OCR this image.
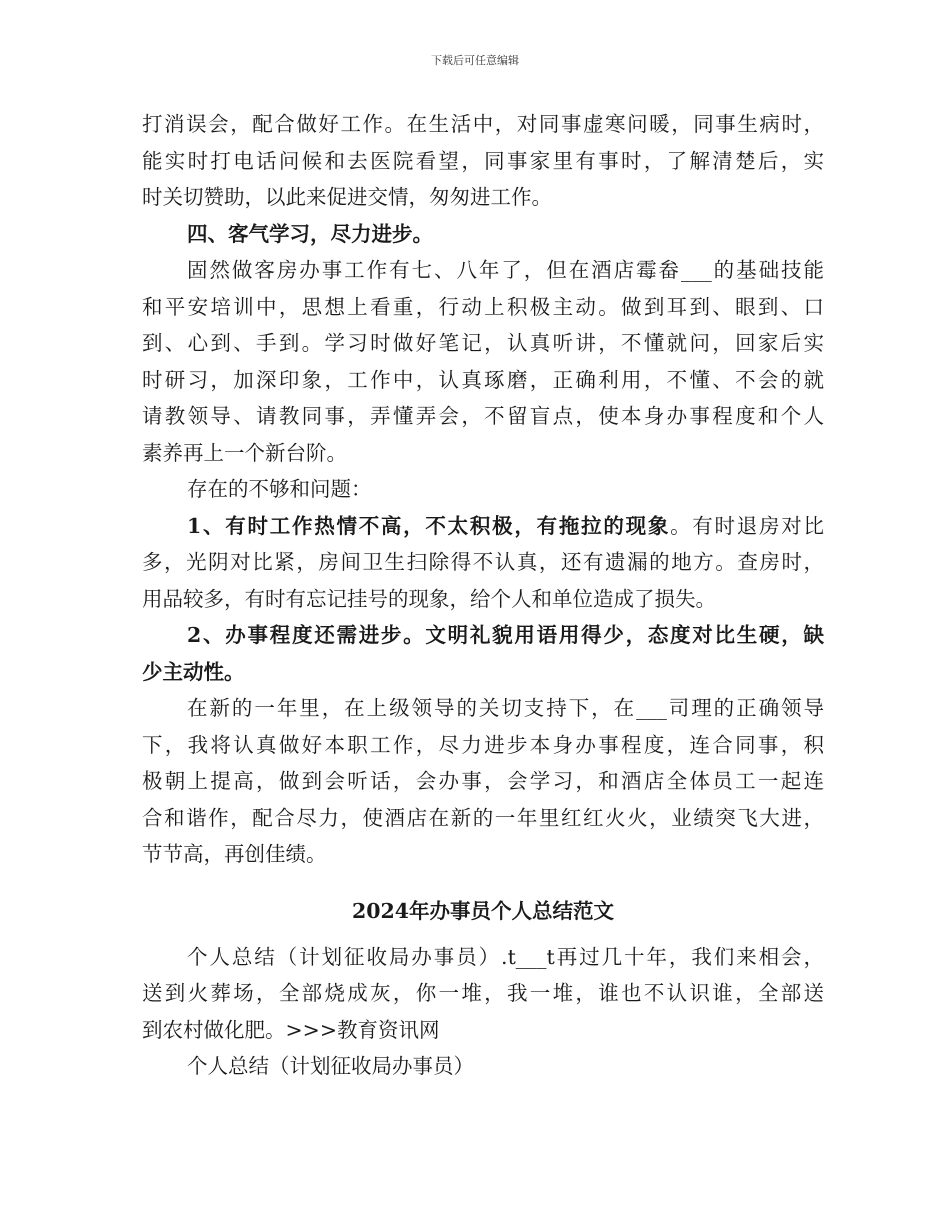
下载后可任意编辑
打消误会，配合做好工作。在生活中，对同事虚寒问暖，同事生病时，
能实时打电话问候和去医院看望，同事家里有事时，了解清楚后，实
时关切赞助，以此来促进交情，匆匆进工作。
四、客气学习，尽力进步。
固然做客房办事工作有七、八年了，但在酒店霉畚___的基础技能
和平安培训中，思想上看重，行动上积极主动。做到耳到、眼到、口
到、心到、手到。学习时做好笔记，认真听讲，不懂就问，回家后实
时研习，加深印象，工作中，认真琢磨，正确利用，不懂、不会的就
请教领导、请教同事，弄懂弄会，不留盲点，使本身办事程度和个人
素养再上一个新台阶。
存在的不够和问题：
1、有时工作热情不高，不太积极，有拖拉的现象。有时退房对比
多，光阴对比紧，房间卫生扫除得不认真，还有遗漏的地方。查房时，
用品较多，有时有忘记挂号的现象，给个人和单位造成了损失。
2、办事程度还需进步。文明礼貌用语用得少，态度对比生硬，缺
少主动性。
在新的一年里，在上级领导的关切支持下，在___司理的正确领导
下，我将认真做好本职工作，尽力进步本身办事程度，连合同事，积
极朝上提高，做到会听话，会办事，会学习，和酒店全体员工一起连
合和谐作，配合尽力，使酒店在新的一年里红红火火，业绩突飞大进，
节节高，再创佳绩。
2024年办事员个人总结范文
个人总结（计划征收局办事员）.t___t再过几十年，我们来相会，
送到火葬场，全部烧成灰，你一堆，我一堆，谁也不认识谁，全部送
到农村做化肥。>>>教育资讯网
个人总结（计划征收局办事员）
